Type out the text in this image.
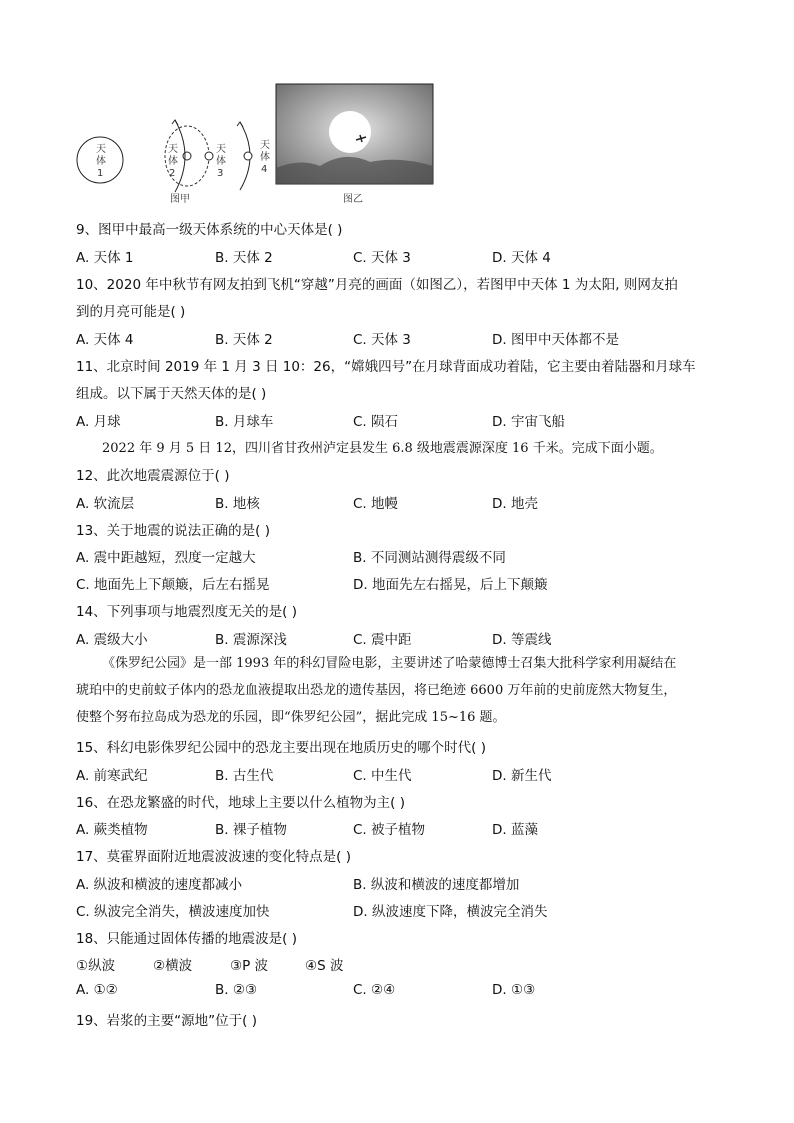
天
体
1
天
体
2
天
体
3
天
体
4
图甲	图乙
9、图甲中最高一级天体系统的中心天体是( )
A. 天体 1	B. 天体 2	C. 天体 3	D. 天体 4
10、2020 年中秋节有网友拍到飞机“穿越”月亮的画面（如图乙），若图甲中天体 1 为太阳, 则网友拍
到的月亮可能是( )
A. 天体 4	B. 天体 2	C. 天体 3	D. 图甲中天体都不是
11、北京时间 2019 年 1 月 3 日 10：26，“嫦娥四号”在月球背面成功着陆，它主要由着陆器和月球车
组成。以下属于天然天体的是( )
A. 月球	B. 月球车	C. 陨石	D. 宇宙飞船
2022 年 9 月 5 日 12，四川省甘孜州泸定县发生 6.8 级地震震源深度 16 千米。完成下面小题。
12、此次地震震源位于( )
A. 软流层	B. 地核	C. 地幔	D. 地壳
13、关于地震的说法正确的是( )
A. 震中距越短，烈度一定越大	B. 不同测站测得震级不同
C. 地面先上下颠簸，后左右摇晃	D. 地面先左右摇晃，后上下颠簸
14、下列事项与地震烈度无关的是( )
A. 震级大小	B. 震源深浅	C. 震中距	D. 等震线
《侏罗纪公园》是一部 1993 年的科幻冒险电影，主要讲述了哈蒙德博士召集大批科学家利用凝结在
琥珀中的史前蚊子体内的恐龙血液提取出恐龙的遗传基因，将已绝迹 6600 万年前的史前庞然大物复生，
使整个努布拉岛成为恐龙的乐园，即“侏罗纪公园”，据此完成 15~16 题。
15、科幻电影侏罗纪公园中的恐龙主要出现在地质历史的哪个时代( )
A. 前寒武纪	B. 古生代	C. 中生代	D. 新生代
16、在恐龙繁盛的时代，地球上主要以什么植物为主( )
A. 蕨类植物	B. 裸子植物	C. 被子植物	D. 蓝藻
17、莫霍界面附近地震波波速的变化特点是( )
A. 纵波和横波的速度都减小	B. 纵波和横波的速度都增加
C. 纵波完全消失，横波速度加快	D. 纵波速度下降，横波完全消失
18、只能通过固体传播的地震波是( )
①纵波	②横波	③P 波	④S 波
A. ①②	B. ②③	C. ②④	D. ①③
19、岩浆的主要“源地”位于( )
